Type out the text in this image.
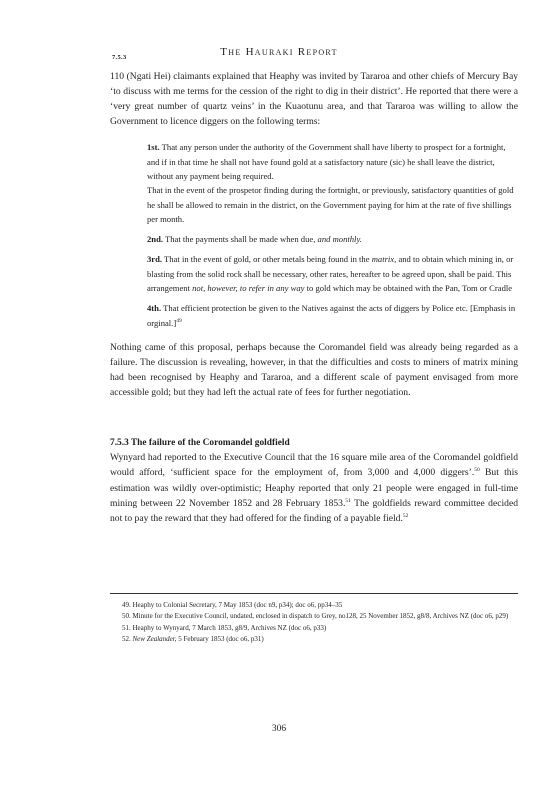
The Hauraki Report
7.5.3

110 (Ngati Hei) claimants explained that Heaphy was invited by Tararoa and other chiefs of Mercury Bay ‘to discuss with me terms for the cession of the right to dig in their district’. He reported that there were a ‘very great number of quartz veins’ in the Kuaotunu area, and that Tararoa was willing to allow the Government to licence diggers on the following terms:

1st. That any person under the authority of the Government shall have liberty to prospect for a fortnight, and if in that time he shall not have found gold at a satisfactory nature (sic) he shall leave the district, without any payment being required.

That in the event of the prospetor finding during the fortnight, or previously, satisfactory quantities of gold he shall be allowed to remain in the district, on the Government paying for him at the rate of five shillings per month.

2nd. That the payments shall be made when due, and monthly.

3rd. That in the event of gold, or other metals being found in the matrix, and to obtain which mining in, or blasting from the solid rock shall be necessary, other rates, hereafter to be agreed upon, shall be paid. This arrangement not, however, to refer in any way to gold which may be obtained with the Pan, Tom or Cradle

4th. That efficient protection be given to the Natives against the acts of diggers by Police etc. [Emphasis in orginal.]$^{49}$

Nothing came of this proposal, perhaps because the Coromandel field was already being regarded as a failure. The discussion is revealing, however, in that the difficulties and costs to miners of matrix mining had been recognised by Heaphy and Tararoa, and a different scale of payment envisaged from more accessible gold; but they had left the actual rate of fees for further negotiation.

7.5.3 The failure of the Coromandel goldfield

Wynyard had reported to the Executive Council that the 16 square mile area of the Coromandel goldfield would afford, ‘sufficient space for the employment of, from 3,000 and 4,000 diggers’.$^{50}$ But this estimation was wildly over-optimistic; Heaphy reported that only 21 people were engaged in full-time mining between 22 November 1852 and 28 February 1853.51 The goldfields reward committee decided not to pay the reward that they had offered for the finding of a payable field.$^{52}$

49. Heaphy to Colonial Secretary, 7 May 1853 (doc n9, p34); doc o6, pp34–35

50. Minute for the Executive Council, undated, enclosed in dispatch to Grey, no128, 25 November 1852, g8/8, Archives NZ (doc o6, p29)

51. Heaphy to Wynyard, 7 March 1853, g8/9, Archives NZ (doc o6, p33)

52. New Zealander, 5 February 1853 (doc o6, p31)

306
